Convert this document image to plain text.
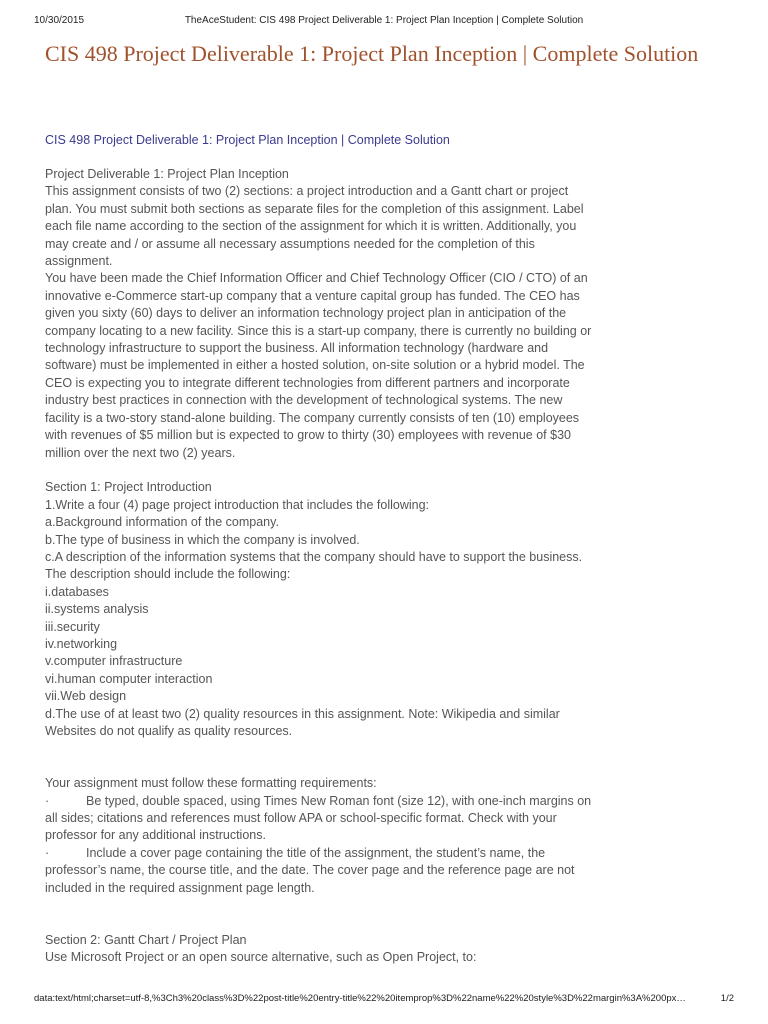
10/30/2015	TheAceStudent: CIS 498 Project Deliverable 1: Project Plan Inception | Complete Solution
CIS 498 Project Deliverable 1: Project Plan Inception | Complete Solution
CIS 498 Project Deliverable 1: Project Plan Inception | Complete Solution

Project Deliverable 1: Project Plan Inception

This assignment consists of two (2) sections: a project introduction and a Gantt chart or project

plan. You must submit both sections as separate files for the completion of this assignment. Label

each file name according to the section of the assignment for which it is written. Additionally, you

may create and / or assume all necessary assumptions needed for the completion of this

assignment.

You have been made the Chief Information Officer and Chief Technology Officer (CIO / CTO) of an

innovative e-Commerce start-up company that a venture capital group has funded. The CEO has

given you sixty (60) days to deliver an information technology project plan in anticipation of the

company locating to a new facility. Since this is a start-up company, there is currently no building or

technology infrastructure to support the business. All information technology (hardware and

software) must be implemented in either a hosted solution, on-site solution or a hybrid model. The

CEO is expecting you to integrate different technologies from different partners and incorporate

industry best practices in connection with the development of technological systems. The new

facility is a two-story stand-alone building. The company currently consists of ten (10) employees

with revenues of $5 million but is expected to grow to thirty (30) employees with revenue of $30

million over the next two (2) years.

Section 1: Project Introduction

1.Write a four (4) page project introduction that includes the following:

a.Background information of the company.

b.The type of business in which the company is involved.

c.A description of the information systems that the company should have to support the business.

The description should include the following:

i.databases

ii.systems analysis

iii.security

iv.networking

v.computer infrastructure

vi.human computer interaction

vii.Web design

d.The use of at least two (2) quality resources in this assignment. Note: Wikipedia and similar

Websites do not qualify as quality resources.

Your assignment must follow these formatting requirements:

·	Be typed, double spaced, using Times New Roman font (size 12), with one-inch margins on

all sides; citations and references must follow APA or school-specific format. Check with your

professor for any additional instructions.

·	Include a cover page containing the title of the assignment, the student’s name, the

professor’s name, the course title, and the date. The cover page and the reference page are not

included in the required assignment page length.

Section 2: Gantt Chart / Project Plan

Use Microsoft Project or an open source alternative, such as Open Project, to:

data:text/html;charset=utf-8,%3Ch3%20class%3D%22post-title%20entry-title%22%20itemprop%3D%22name%22%20style%3D%22margin%3A%200px…	1/2
